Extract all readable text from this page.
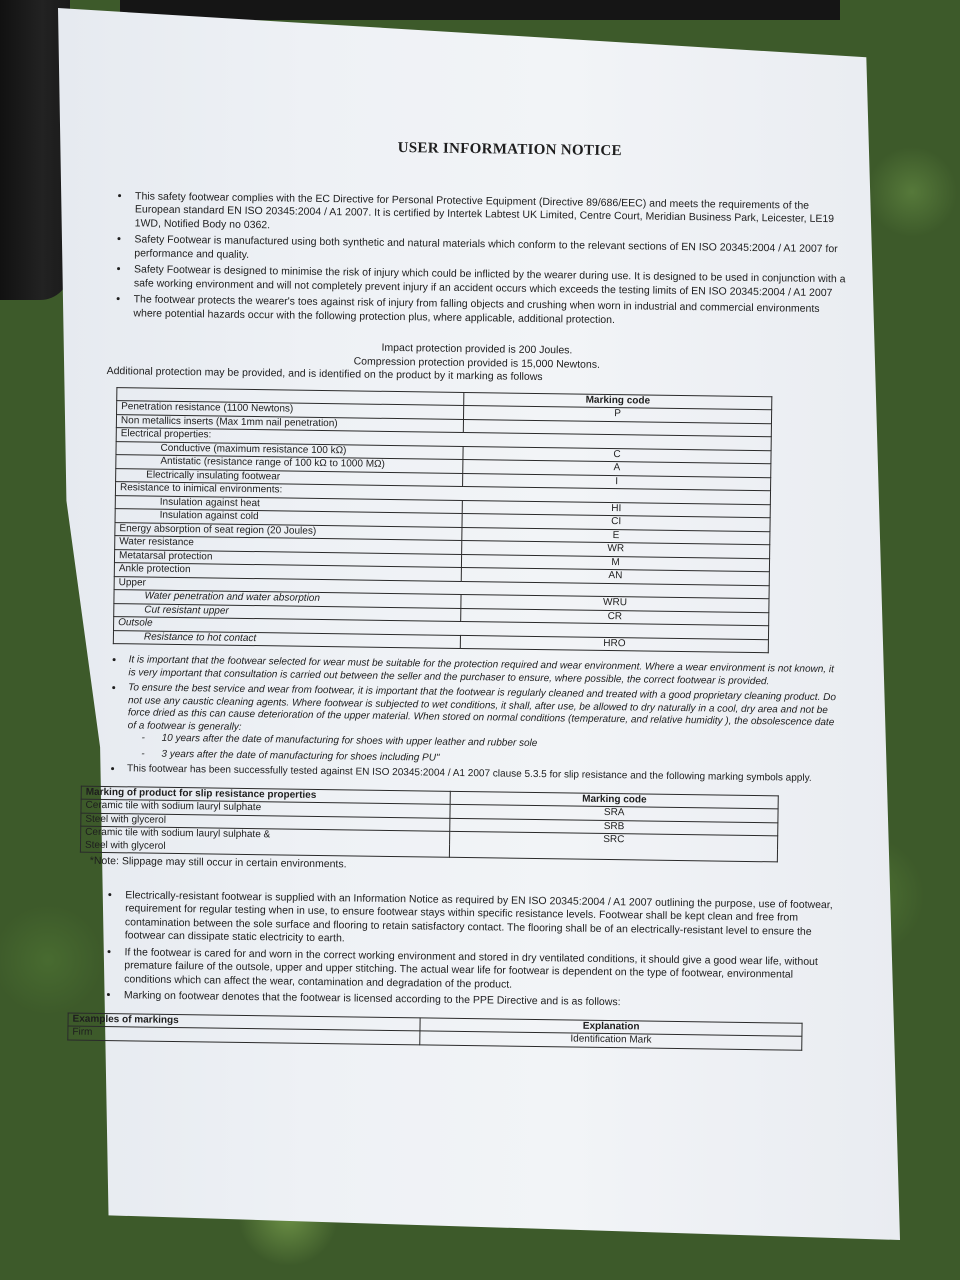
USER INFORMATION NOTICE
• This safety footwear complies with the EC Directive for Personal Protective Equipment (Directive 89/686/EEC) and meets the requirements of the European standard EN ISO 20345:2004 / A1 2007. It is certified by Intertek Labtest UK Limited, Centre Court, Meridian Business Park, Leicester, LE19 1WD, Notified Body no 0362.
• Safety Footwear is manufactured using both synthetic and natural materials which conform to the relevant sections of EN ISO 20345:2004 / A1 2007 for performance and quality.
• Safety Footwear is designed to minimise the risk of injury which could be inflicted by the wearer during use. It is designed to be used in conjunction with a safe working environment and will not completely prevent injury if an accident occurs which exceeds the testing limits of EN ISO 20345:2004 / A1 2007
• The footwear protects the wearer's toes against risk of injury from falling objects and crushing when worn in industrial and commercial environments where potential hazards occur with the following protection plus, where applicable, additional protection.

Impact protection provided is 200 Joules.

Compression protection provided is 15,000 Newtons.

Additional protection may be provided, and is identified on the product by it marking as follows

	Marking code
Penetration resistance (1100 Newtons)	P
Non metallics inserts (Max 1mm nail penetration)	
Electrical properties:	
Conductive (maximum resistance 100 kΩ)	C
Antistatic (resistance range of 100 kΩ to 1000 MΩ)	A
Electrically insulating footwear	I
Resistance to inimical environments:	
Insulation against heat	HI
Insulation against cold	CI
Energy absorption of seat region (20 Joules)	E
Water resistance	WR
Metatarsal protection	M
Ankle protection	AN
Upper	
Water penetration and water absorption	WRU
Cut resistant upper	CR
Outsole	
Resistance to hot contact	HRO
• It is important that the footwear selected for wear must be suitable for the protection required and wear environment. Where a wear environment is not known, it is very important that consultation is carried out between the seller and the purchaser to ensure, where possible, the correct footwear is provided.
• To ensure the best service and wear from footwear, it is important that the footwear is regularly cleaned and treated with a good proprietary cleaning product. Do not use any caustic cleaning agents. Where footwear is subjected to wet conditions, it shall, after use, be allowed to dry naturally in a cool, dry area and not be force dried as this can cause deterioration of the upper material. When stored on normal conditions (temperature, and relative humidity ), the obsolescence date of a footwear is generally:
- 10 years after the date of manufacturing for shoes with upper leather and rubber sole
- 3 years after the date of manufacturing for shoes including PU"
• This footwear has been successfully tested against EN ISO 20345:2004 / A1 2007 clause 5.3.5 for slip resistance and the following marking symbols apply.
Marking of product for slip resistance properties	Marking code
Ceramic tile with sodium lauryl sulphate	SRA
Steel with glycerol	SRB
Ceramic tile with sodium lauryl sulphate &	SRC
Steel with glycerol	

*Note: Slippage may still occur in certain environments.

• Electrically-resistant footwear is supplied with an Information Notice as required by EN ISO 20345:2004 / A1 2007 outlining the purpose, use of footwear, requirement for regular testing when in use, to ensure footwear stays within specific resistance levels. Footwear shall be kept clean and free from contamination between the sole surface and flooring to retain satisfactory contact. The flooring shall be of an electrically-resistant level to ensure the footwear can dissipate static electricity to earth.
• If the footwear is cared for and worn in the correct working environment and stored in dry ventilated conditions, it should give a good wear life, without premature failure of the outsole, upper and upper stitching. The actual wear life for footwear is dependent on the type of footwear, environmental conditions which can affect the wear, contamination and degradation of the product.
• Marking on footwear denotes that the footwear is licensed according to the PPE Directive and is as follows:
Examples of markings	Explanation
Firm	Identification Mark
